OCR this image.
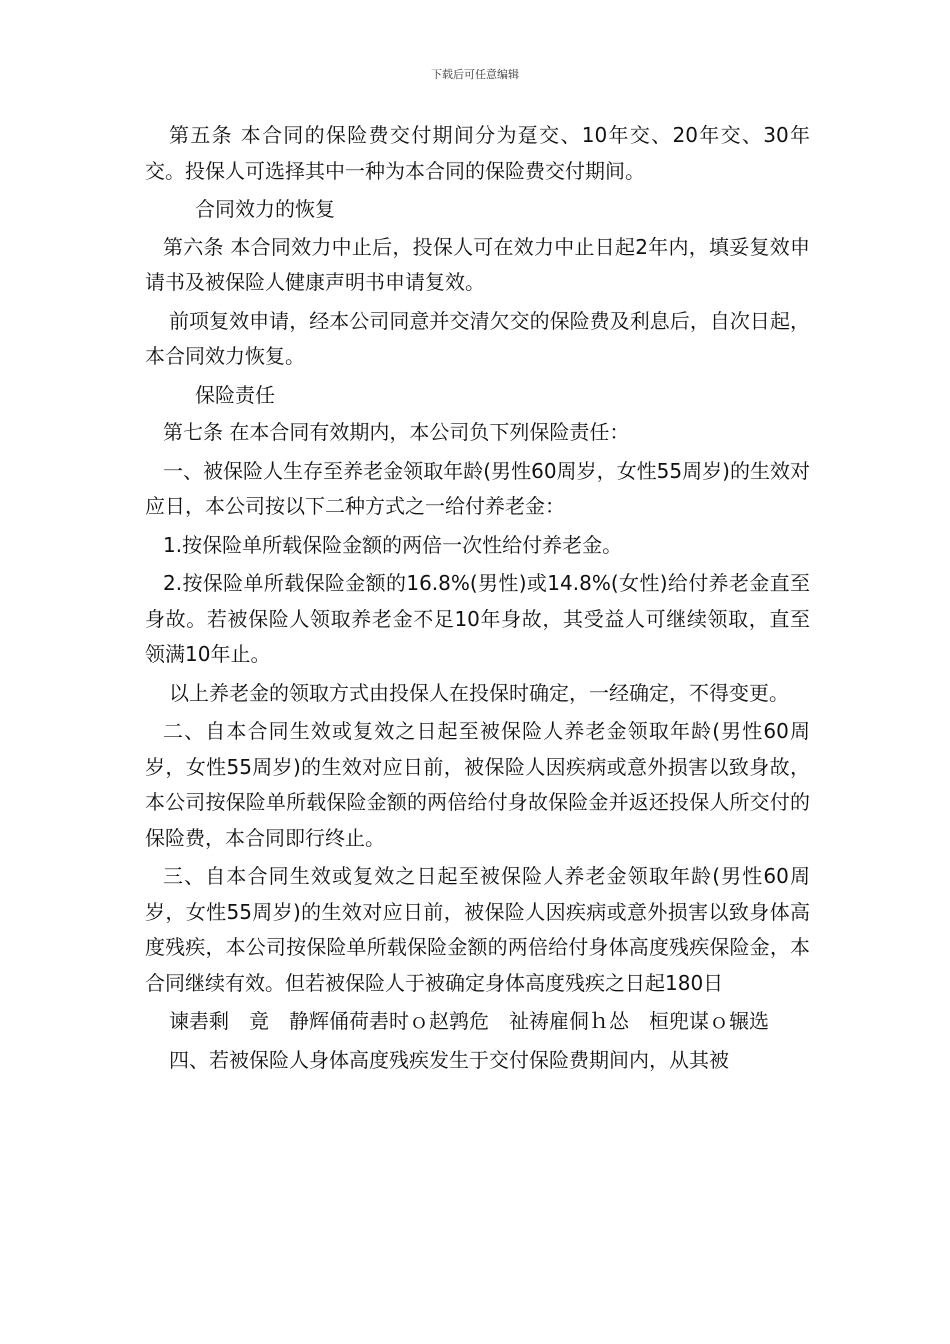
下载后可任意编辑

第五条 本合同的保险费交付期间分为趸交、10年交、20年交、30年交。投保人可选择其中一种为本合同的保险费交付期间。

合同效力的恢复

第六条 本合同效力中止后，投保人可在效力中止日起2年内，填妥复效申请书及被保险人健康声明书申请复效。

前项复效申请，经本公司同意并交清欠交的保险费及利息后，自次日起，本合同效力恢复。

保险责任

第七条 在本合同有效期内，本公司负下列保险责任：

一、被保险人生存至养老金领取年龄(男性60周岁，女性55周岁)的生效对应日，本公司按以下二种方式之一给付养老金：

1.按保险单所载保险金额的两倍一次性给付养老金。

2.按保险单所载保险金额的16.8%(男性)或14.8%(女性)给付养老金直至身故。若被保险人领取养老金不足10年身故，其受益人可继续领取，直至领满10年止。

以上养老金的领取方式由投保人在投保时确定，一经确定，不得变更。

二、自本合同生效或复效之日起至被保险人养老金领取年龄(男性60周岁，女性55周岁)的生效对应日前，被保险人因疾病或意外损害以致身故，本公司按保险单所载保险金额的两倍给付身故保险金并返还投保人所交付的保险费，本合同即行终止。

三、自本合同生效或复效之日起至被保险人养老金领取年龄(男性60周岁，女性55周岁)的生效对应日前，被保险人因疾病或意外损害以致身体高度残疾，本公司按保险单所载保险金额的两倍给付身体高度残疾保险金，本合同继续有效。但若被保险人于被确定身体高度残疾之日起180日

谏砉剩　竟　静辉俑荷砉时ｏ赵鹑危　祉祷雇侗ｈ怂　桓兜谋ｏ辗选

四、若被保险人身体高度残疾发生于交付保险费期间内，从其被
